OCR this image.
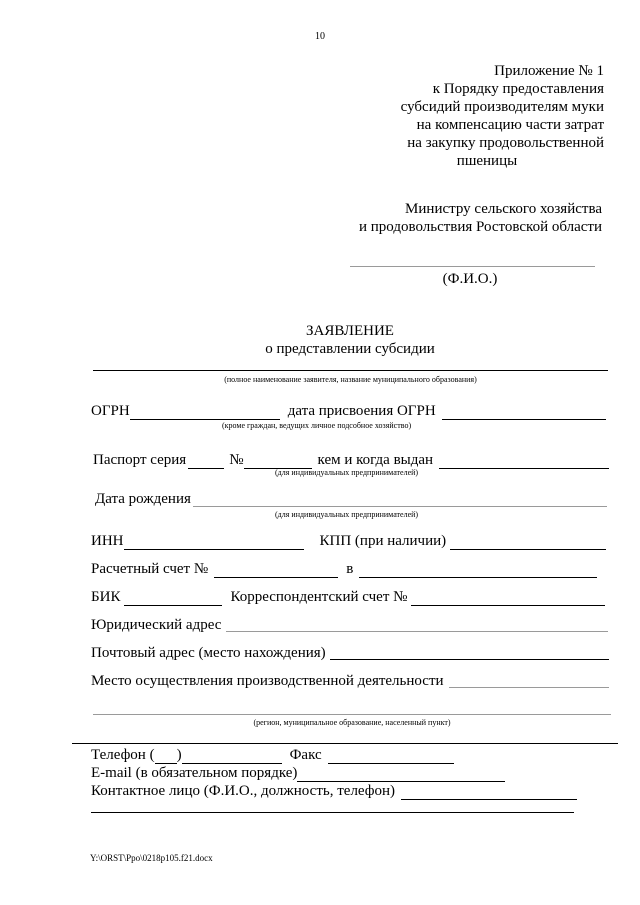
10
Приложение № 1
к Порядку предоставления
субсидий производителям муки
на компенсацию части затрат
на закупку продовольственной
пшеницы
Министру сельского хозяйства
и продовольствия Ростовской области
(Ф.И.О.)
ЗАЯВЛЕНИЕ
о представлении субсидии
(полное наименование заявителя, название муниципального образования)
ОГРН	дата присвоения ОГРН
(кроме граждан, ведущих личное подсобное хозяйство)
Паспорт серия	№	кем и когда выдан
(для индивидуальных предпринимателей)
Дата рождения
(для индивидуальных предпринимателей)
ИНН	КПП (при наличии)
Расчетный счет №	в
БИК	Корреспондентский счет №
Юридический адрес
Почтовый адрес (место нахождения)
Место осуществления производственной деятельности
(регион, муниципальное образование, населенный пункт)
Телефон ( )	Факс
E-mail (в обязательном порядке)
Контактное лицо (Ф.И.О., должность, телефон)
Y:\ORST\Ppo\0218p105.f21.docx
